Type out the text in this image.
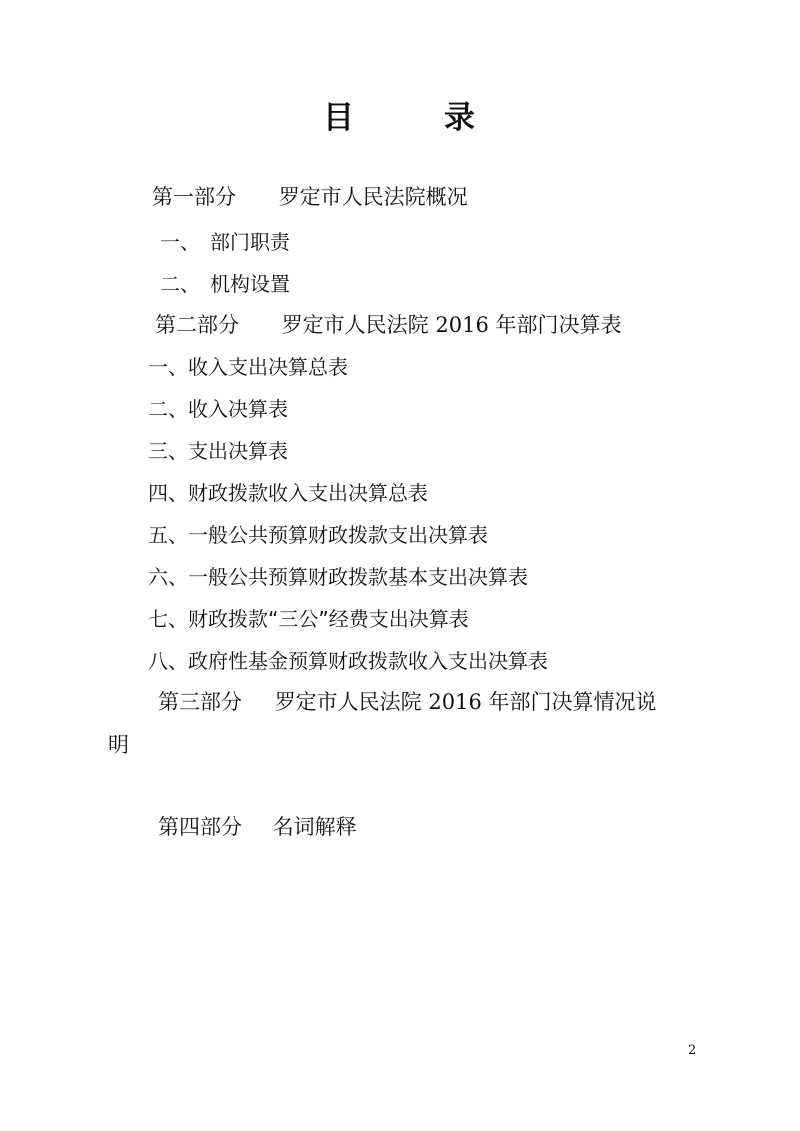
目	录
第一部分 罗定市人民法院概况
一、　部门职责
二、　机构设置
第二部分 罗定市人民法院 2016 年部门决算表
一、收入支出决算总表
二、收入决算表
三、支出决算表
四、财政拨款收入支出决算总表
五、一般公共预算财政拨款支出决算表
六、一般公共预算财政拨款基本支出决算表
七、财政拨款“三公”经费支出决算表
八、政府性基金预算财政拨款收入支出决算表
第三部分 罗定市人民法院 2016 年部门决算情况说
明
第四部分 名词解释
2
